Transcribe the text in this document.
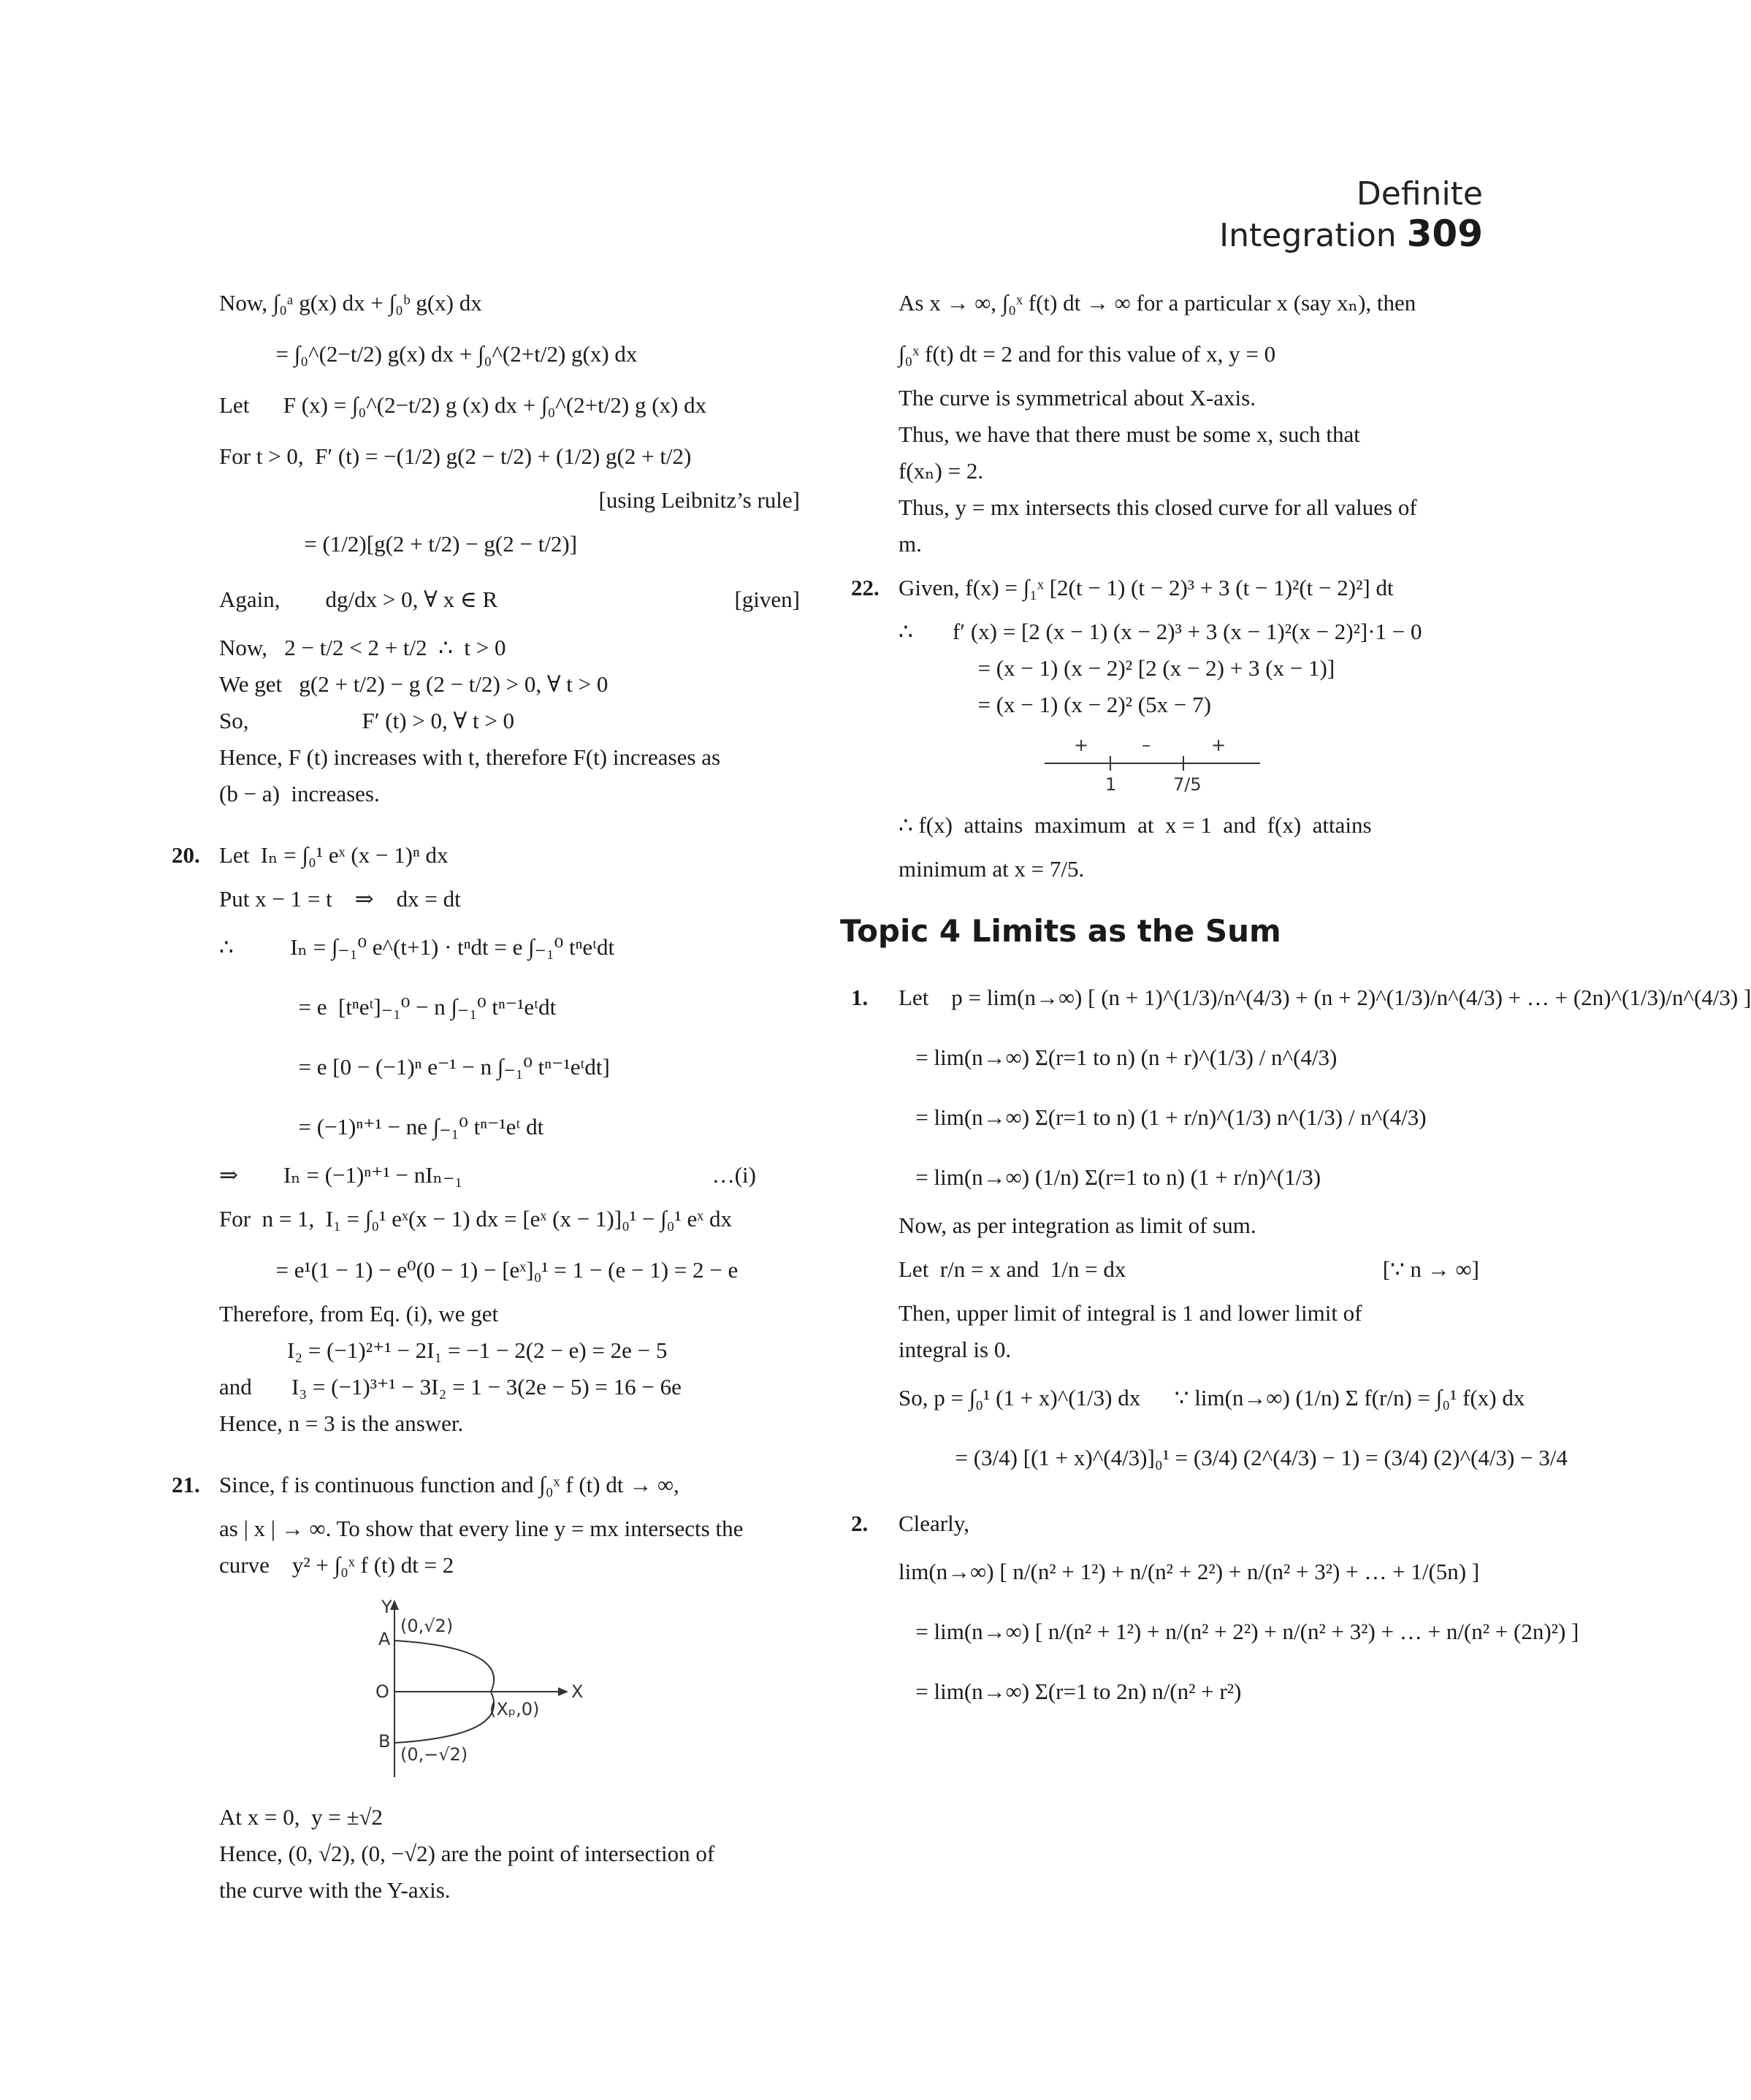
Definite Integration 309
Now, ∫₀ᵃ g(x) dx + ∫₀ᵇ g(x) dx
= ∫₀^(2−t/2) g(x) dx + ∫₀^(2+t/2) g(x) dx
Let      F (x) = ∫₀^(2−t/2) g (x) dx + ∫₀^(2+t/2) g (x) dx
For t > 0,  F′ (t) = −(1/2) g(2 − t/2) + (1/2) g(2 + t/2)
[using Leibnitz’s rule]
= (1/2)[g(2 + t/2) − g(2 − t/2)]
Again,        dg/dx > 0, ∀ x ∈ R	[given]
Now,   2 − t/2 < 2 + t/2  ∴  t > 0
We get   g(2 + t/2) − g (2 − t/2) > 0, ∀ t > 0
So,                    F′ (t) > 0, ∀ t > 0
Hence, F (t) increases with t, therefore F(t) increases as
(b − a)  increases.
20. Let  Iₙ = ∫₀¹ eˣ (x − 1)ⁿ dx
Put x − 1 = t    ⇒    dx = dt
∴          Iₙ = ∫₋₁⁰ e^(t+1) · tⁿdt = e ∫₋₁⁰ tⁿeᵗdt
= e  [tⁿeᵗ]₋₁⁰ − n ∫₋₁⁰ tⁿ⁻¹eᵗdt
= e [0 − (−1)ⁿ e⁻¹ − n ∫₋₁⁰ tⁿ⁻¹eᵗdt]
= (−1)ⁿ⁺¹ − ne ∫₋₁⁰ tⁿ⁻¹eᵗ dt
⇒        Iₙ = (−1)ⁿ⁺¹ − nIₙ₋₁	…(i)
For  n = 1,  I₁ = ∫₀¹ eˣ(x − 1) dx = [eˣ (x − 1)]₀¹ − ∫₀¹ eˣ dx
= e¹(1 − 1) − e⁰(0 − 1) − [eˣ]₀¹ = 1 − (e − 1) = 2 − e
Therefore, from Eq. (i), we get
I₂ = (−1)²⁺¹ − 2I₁ = −1 − 2(2 − e) = 2e − 5
and       I₃ = (−1)³⁺¹ − 3I₂ = 1 − 3(2e − 5) = 16 − 6e
Hence, n = 3 is the answer.
21. Since, f is continuous function and ∫₀ˣ f (t) dt → ∞,
as | x | → ∞. To show that every line y = mx intersects the
curve    y² + ∫₀ˣ f (t) dt = 2
Y
X
O
A
B
(0,√2)
(0,−√2)
(Xₚ,0)
At x = 0,  y = ±√2
Hence, (0, √2), (0, −√2) are the point of intersection of
the curve with the Y-axis.
As x → ∞, ∫₀ˣ f(t) dt → ∞ for a particular x (say xₙ), then
∫₀ˣ f(t) dt = 2 and for this value of x, y = 0
The curve is symmetrical about X-axis.
Thus, we have that there must be some x, such that
f(xₙ) = 2.
Thus, y = mx intersects this closed curve for all values of
m.
22. Given, f(x) = ∫₁ˣ [2(t − 1) (t − 2)³ + 3 (t − 1)²(t − 2)²] dt
∴       f′ (x) = [2 (x − 1) (x − 2)³ + 3 (x − 1)²(x − 2)²]·1 − 0
= (x − 1) (x − 2)² [2 (x − 2) + 3 (x − 1)]
= (x − 1) (x − 2)² (5x − 7)
+	–	+
1	7/5
∴ f(x)  attains  maximum  at  x = 1  and  f(x)  attains
minimum at x = 7/5.
Topic 4 Limits as the Sum
1. Let    p = lim(n→∞) [ (n + 1)^(1/3)/n^(4/3) + (n + 2)^(1/3)/n^(4/3) + … + (2n)^(1/3)/n^(4/3) ]
= lim(n→∞) Σ(r=1 to n) (n + r)^(1/3) / n^(4/3)
= lim(n→∞) Σ(r=1 to n) (1 + r/n)^(1/3) n^(1/3) / n^(4/3)
= lim(n→∞) (1/n) Σ(r=1 to n) (1 + r/n)^(1/3)
Now, as per integration as limit of sum.
Let  r/n = x and  1/n = dx	[∵ n → ∞]
Then, upper limit of integral is 1 and lower limit of
integral is 0.
So, p = ∫₀¹ (1 + x)^(1/3) dx      ∵ lim(n→∞) (1/n) Σ f(r/n) = ∫₀¹ f(x) dx
= (3/4) [(1 + x)^(4/3)]₀¹ = (3/4) (2^(4/3) − 1) = (3/4) (2)^(4/3) − 3/4
2. Clearly,
lim(n→∞) [ n/(n² + 1²) + n/(n² + 2²) + n/(n² + 3²) + … + 1/(5n) ]
= lim(n→∞) [ n/(n² + 1²) + n/(n² + 2²) + n/(n² + 3²) + … + n/(n² + (2n)²) ]
= lim(n→∞) Σ(r=1 to 2n) n/(n² + r²)
